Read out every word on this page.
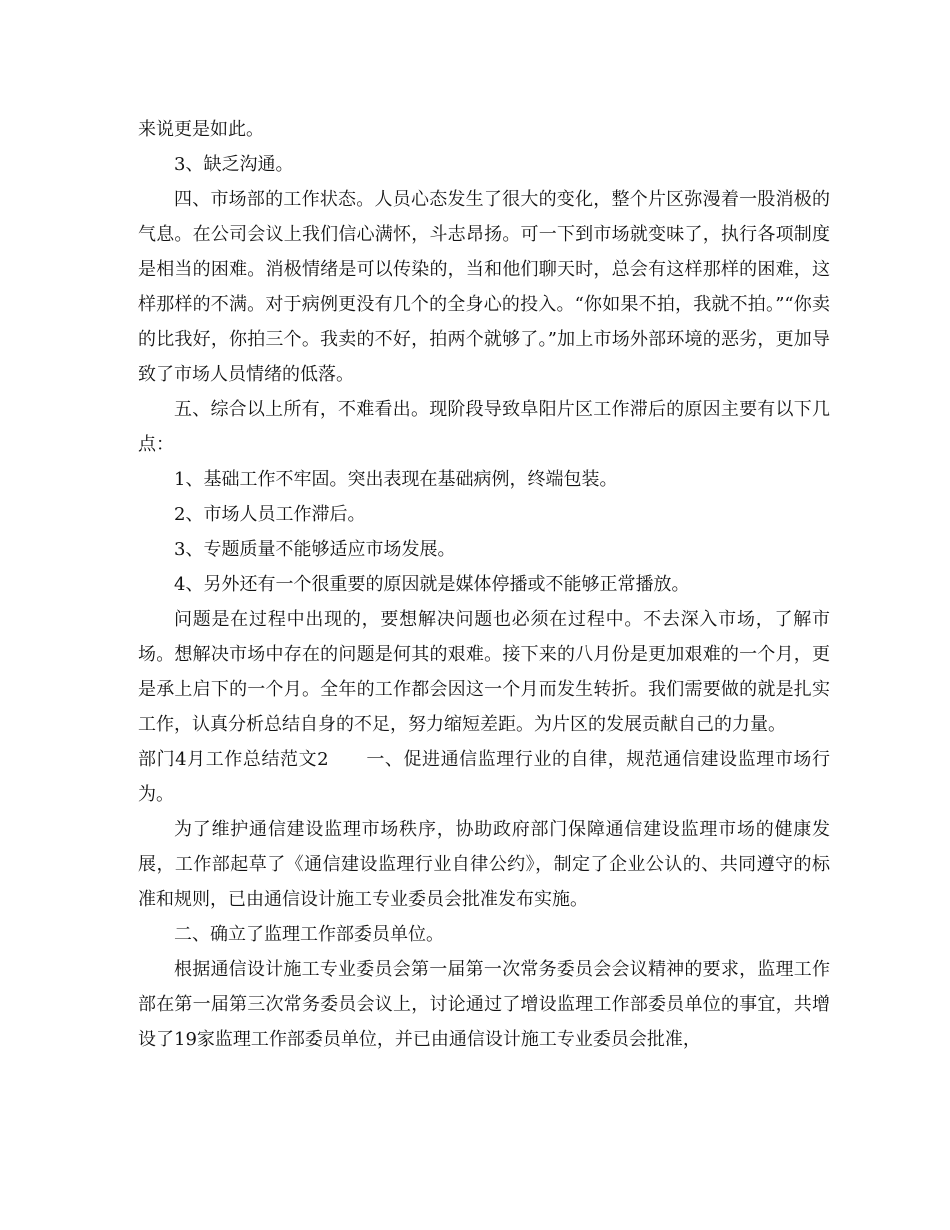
来说更是如此。

3、缺乏沟通。

四、市场部的工作状态。人员心态发生了很大的变化，整个片区弥漫着一股消极的气息。在公司会议上我们信心满怀，斗志昂扬。可一下到市场就变味了，执行各项制度是相当的困难。消极情绪是可以传染的，当和他们聊天时，总会有这样那样的困难，这样那样的不满。对于病例更没有几个的全身心的投入。“你如果不拍，我就不拍。”“你卖的比我好，你拍三个。我卖的不好，拍两个就够了。”加上市场外部环境的恶劣，更加导致了市场人员情绪的低落。

五、综合以上所有，不难看出。现阶段导致阜阳片区工作滞后的原因主要有以下几点：

1、基础工作不牢固。突出表现在基础病例，终端包装。

2、市场人员工作滞后。

3、专题质量不能够适应市场发展。

4、另外还有一个很重要的原因就是媒体停播或不能够正常播放。

问题是在过程中出现的，要想解决问题也必须在过程中。不去深入市场，了解市场。想解决市场中存在的问题是何其的艰难。接下来的八月份是更加艰难的一个月，更是承上启下的一个月。全年的工作都会因这一个月而发生转折。我们需要做的就是扎实工作，认真分析总结自身的不足，努力缩短差距。为片区的发展贡献自己的力量。

部门4月工作总结范文2　　一、促进通信监理行业的自律，规范通信建设监理市场行为。

为了维护通信建设监理市场秩序，协助政府部门保障通信建设监理市场的健康发展，工作部起草了《通信建设监理行业自律公约》，制定了企业公认的、共同遵守的标准和规则，已由通信设计施工专业委员会批准发布实施。

二、确立了监理工作部委员单位。

根据通信设计施工专业委员会第一届第一次常务委员会会议精神的要求，监理工作部在第一届第三次常务委员会议上，讨论通过了增设监理工作部委员单位的事宜，共增设了19家监理工作部委员单位，并已由通信设计施工专业委员会批准，
